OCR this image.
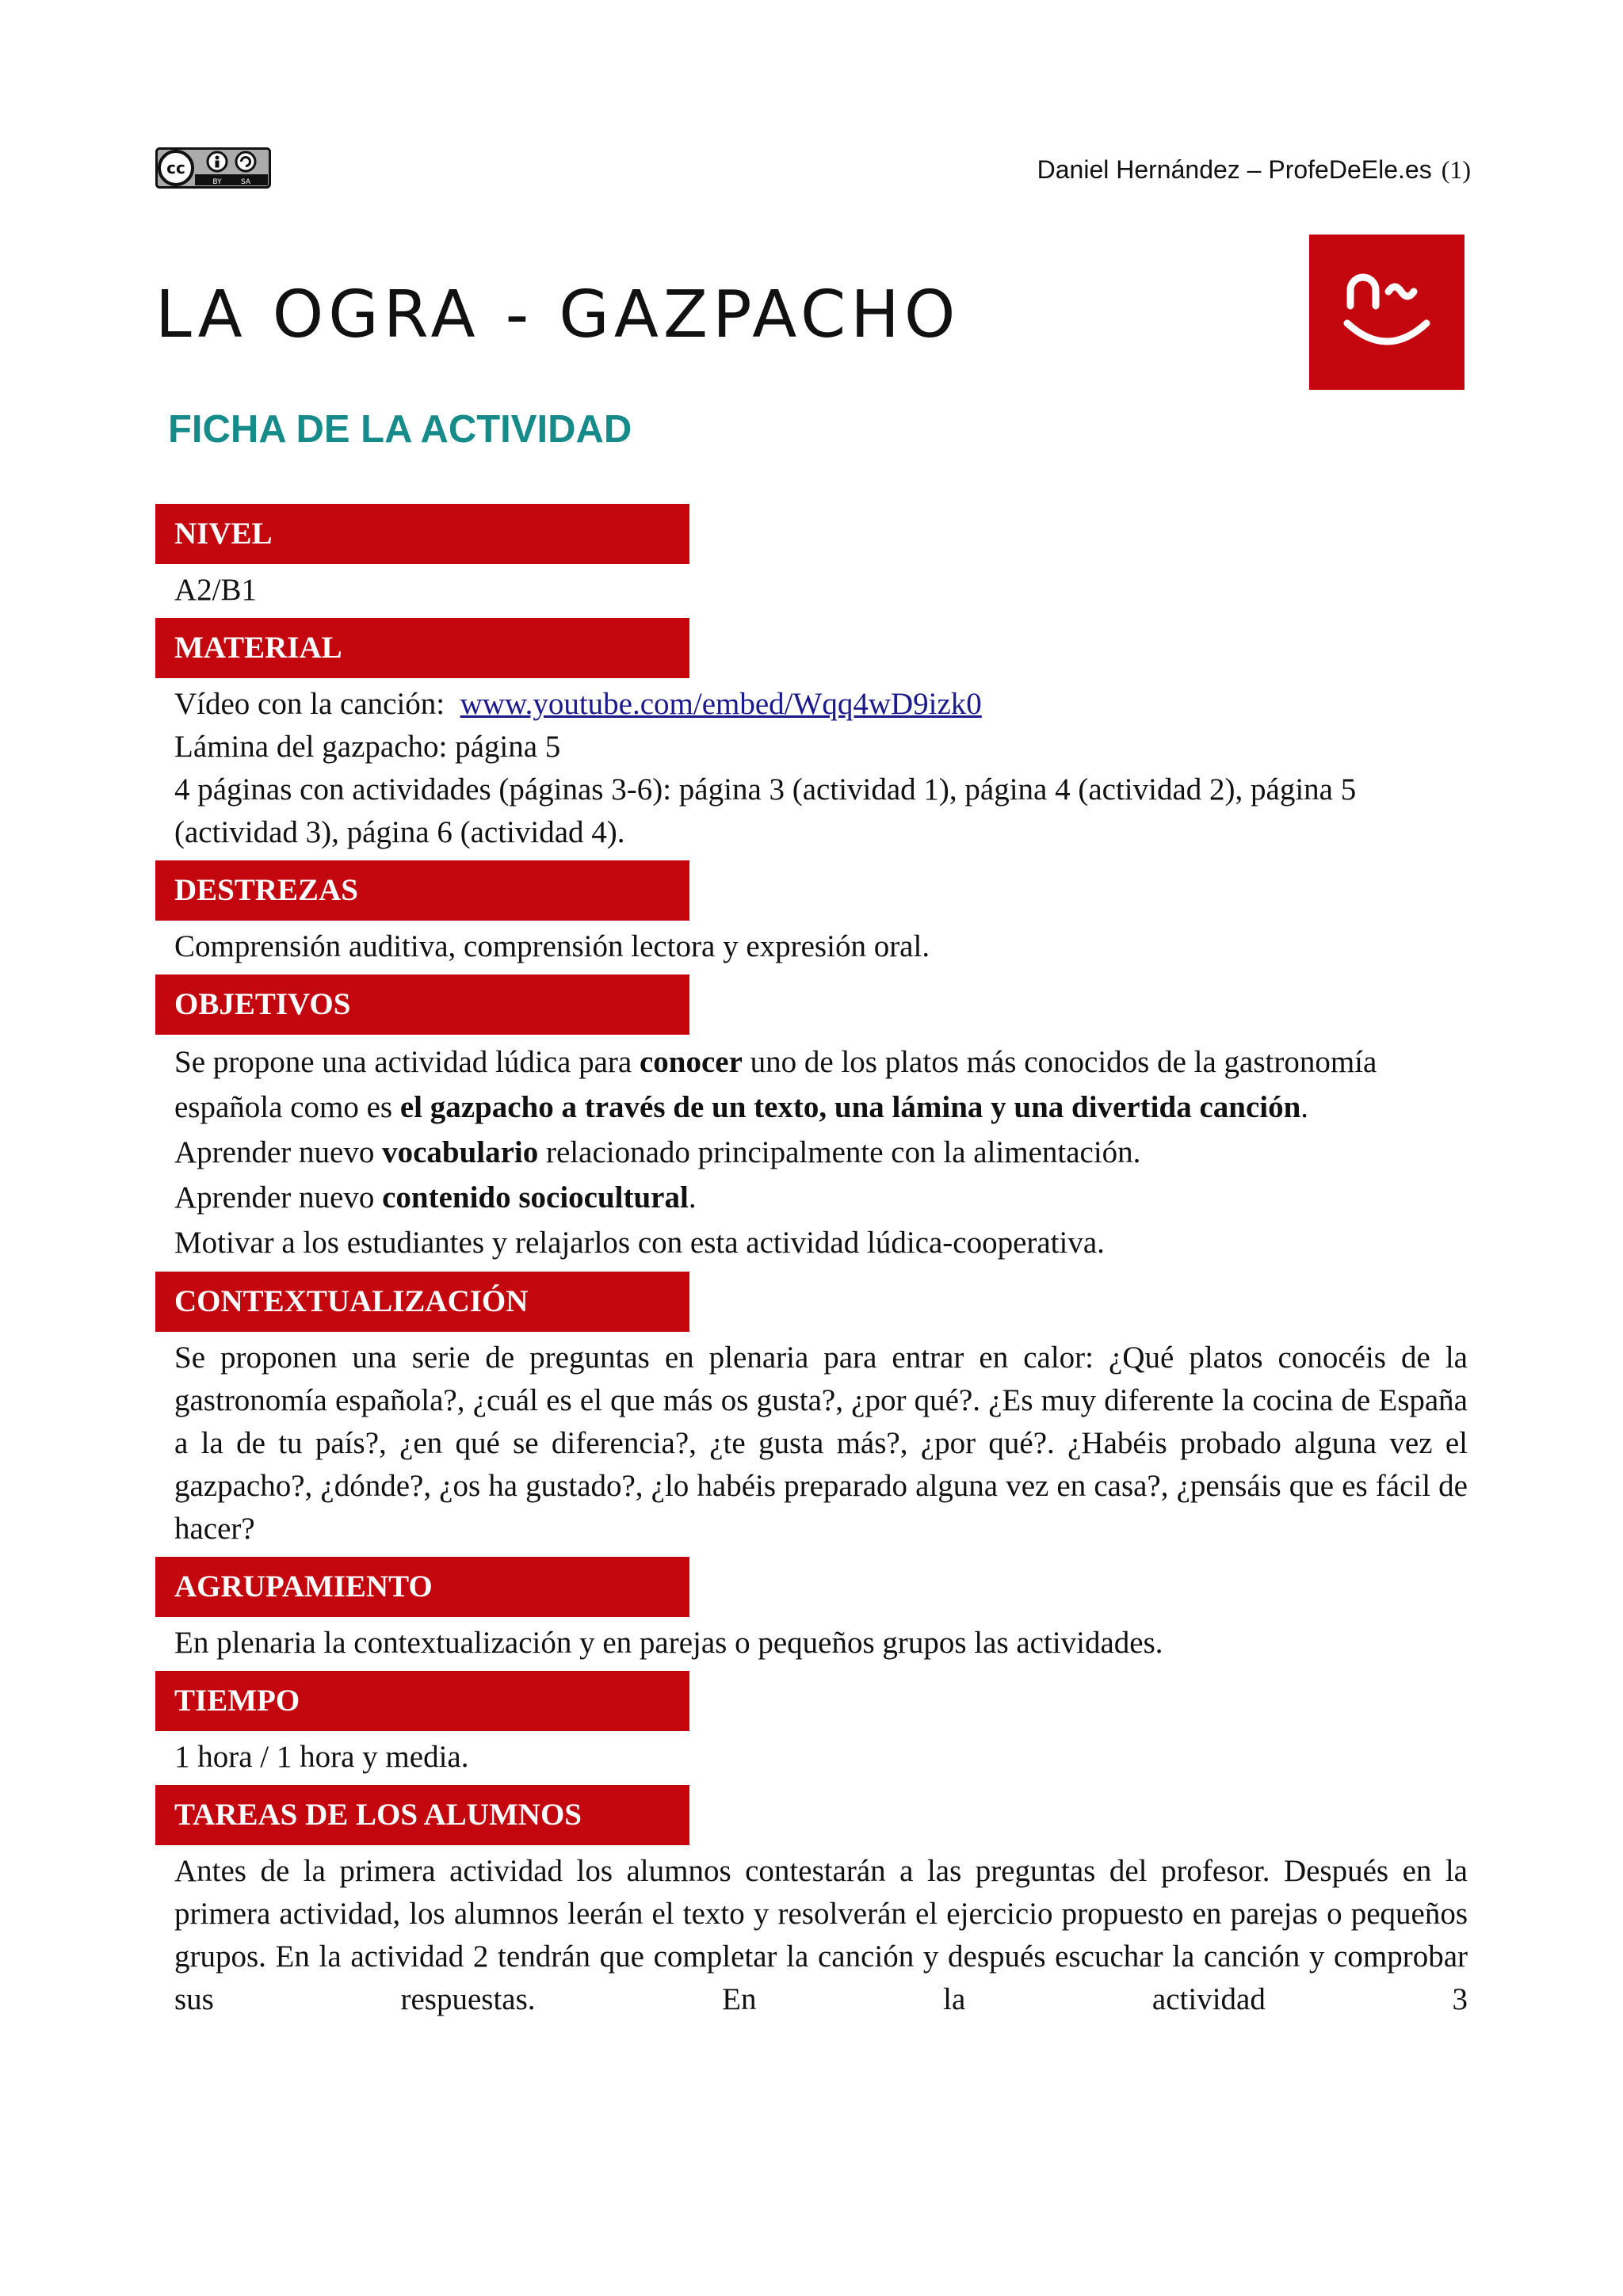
cc
BY	SA	Daniel Hernández – ProfeDeEle.es (1)
LA OGRA - GAZPACHO
FICHA DE LA ACTIVIDAD
NIVEL

A2/B1

MATERIAL

Vídeo con la canción: www.youtube.com/embed/Wqq4wD9izk0

Lámina del gazpacho: página 5

4 páginas con actividades (páginas 3-6): página 3 (actividad 1), página 4 (actividad 2), página 5 (actividad 3), página 6 (actividad 4).

DESTREZAS

Comprensión auditiva, comprensión lectora y expresión oral.

OBJETIVOS

Se propone una actividad lúdica para conocer uno de los platos más conocidos de la gastronomía española como es el gazpacho a través de un texto, una lámina y una divertida canción.

Aprender nuevo vocabulario relacionado principalmente con la alimentación.

Aprender nuevo contenido sociocultural.

Motivar a los estudiantes y relajarlos con esta actividad lúdica-cooperativa.

CONTEXTUALIZACIÓN

Se proponen una serie de preguntas en plenaria para entrar en calor: ¿Qué platos conocéis de la gastronomía española?, ¿cuál es el que más os gusta?, ¿por qué?. ¿Es muy diferente la cocina de España a la de tu país?, ¿en qué se diferencia?, ¿te gusta más?, ¿por qué?. ¿Habéis probado alguna vez el gazpacho?, ¿dónde?, ¿os ha gustado?, ¿lo habéis preparado alguna vez en casa?, ¿pensáis que es fácil de hacer?

AGRUPAMIENTO

En plenaria la contextualización y en parejas o pequeños grupos las actividades.

TIEMPO

1 hora / 1 hora y media.

TAREAS DE LOS ALUMNOS

Antes de la primera actividad los alumnos contestarán a las preguntas del profesor. Después en la primera actividad, los alumnos leerán el texto y resolverán el ejercicio propuesto en parejas o pequeños grupos. En la actividad 2 tendrán que completar la canción y después escuchar la canción y comprobar sus respuestas. En la actividad 3
